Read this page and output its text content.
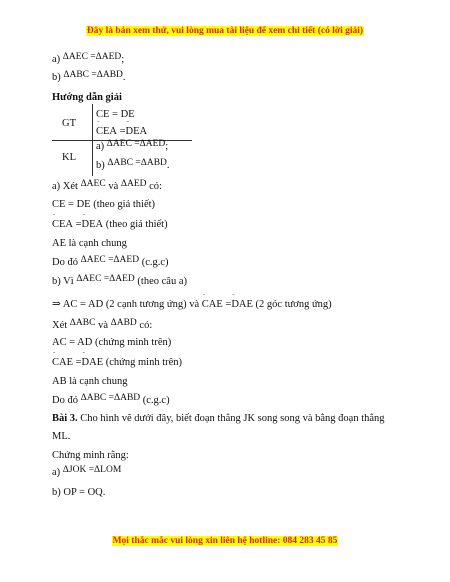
Đây là bản xem thử, vui lòng mua tài liệu để xem chi tiết (có lời giải)
a) ΔAEC =ΔAED;
b) ΔABC =ΔABD.
Hướng dẫn giải
GT
KL
CE = DE
ˆ CEA =ˆ DEA
a) ΔAEC =ΔAED;
b) ΔABC =ΔABD.
a) Xét ΔAEC và ΔAED có:
CE = DE (theo giả thiết)
ˆ CEA =ˆ DEA (theo giả thiết)
AE là cạnh chung
Do đó ΔAEC =ΔAED (c.g.c)
b) Vì ΔAEC =ΔAED (theo câu a)
⇒ AC = AD (2 cạnh tương ứng) và ˆ CAE =ˆ DAE (2 góc tương ứng)
Xét ΔABC và ΔABD có:
AC = AD (chứng minh trên)
ˆ CAE =ˆ DAE (chứng minh trên)
AB là cạnh chung
Do đó ΔABC =ΔABD (c.g.c)
Bài 3. Cho hình vẽ dưới đây, biết đoạn thẳng JK song song và bằng đoạn thẳng
ML.
Chứng minh rằng:
a) ΔJOK =ΔLOM
b) OP = OQ.
Mọi thắc mắc vui lòng xin liên hệ hotline: 084 283 45 85
